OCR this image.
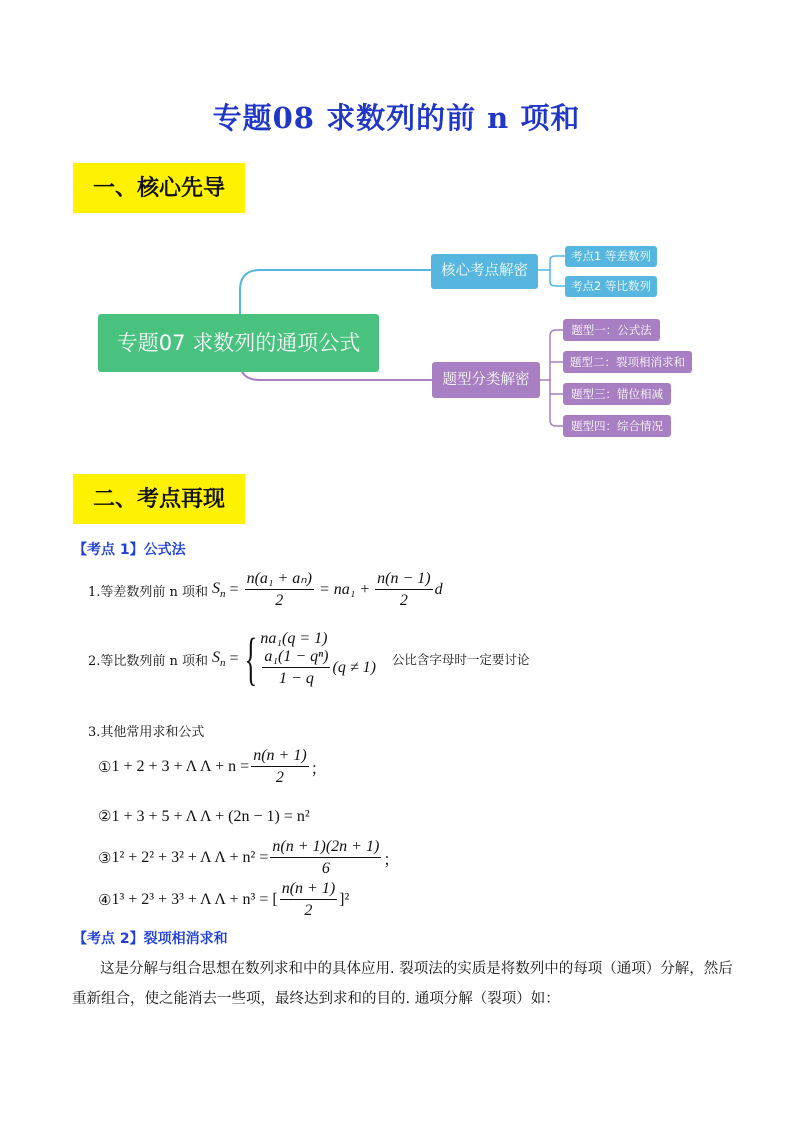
专题08 求数列的前 n 项和
一、核心先导
专题07 求数列的通项公式
核心考点解密
题型分类解密
考点1 等差数列
考点2 等比数列
题型一：公式法
题型二：裂项相消求和
题型三：错位相减
题型四：综合情况
二、考点再现
【考点 1】公式法
1.等差数列前 n 项和 $S_n = \frac{\text{n(a₁ + aₙ)}}{2} = na_1 + \frac{n(n - 1)}{2}$ d
2.等比数列前 n 项和 $S_n$ = { na₁(q = 1)
$\frac{\text{a₁(1 − qⁿ)}}{1 - q} (q \ne 1)$ 公比含字母时一定要讨论
3.其他常用求和公式
① 1 + 2 + 3 + Λ $\Lambda + n = \frac{n(n + 1)}{2}$ ；
②1 + 3 + 5 + Λ Λ + (2n − 1) = n²
③ 1² + 2² + 3² + Λ $\Lambda + n^2 = \frac{n(n + 1)(2n + 1)}{6}$ ；
④ 1³ + 2³ + 3³ + Λ Λ + n³ = [ $\frac{n(n + 1)}{2} ]^2$
【考点 2】裂项相消求和
这是分解与组合思想在数列求和中的具体应用. 裂项法的实质是将数列中的每项（通项）分解，然后
重新组合，使之能消去一些项，最终达到求和的目的. 通项分解（裂项）如：
